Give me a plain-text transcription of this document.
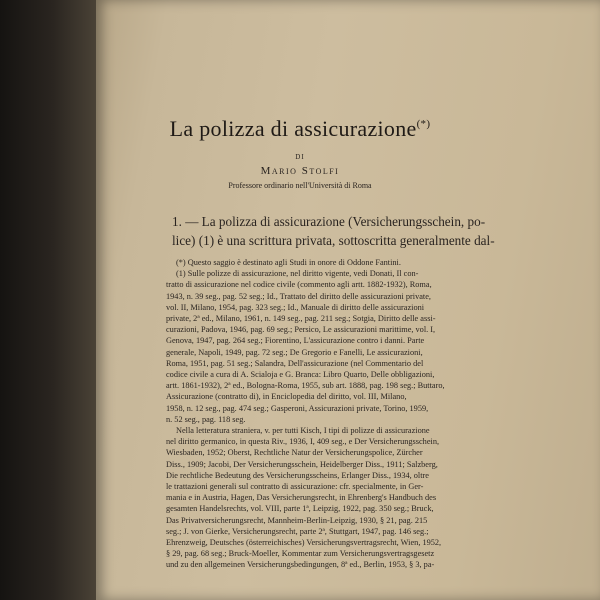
La polizza di assicurazione(*)
DI
Mario Stolfi
Professore ordinario nell'Università di Roma
1. — La polizza di assicurazione (Versicherungsschein, po-
lice) (1) è una scrittura privata, sottoscritta generalmente dal-
(*) Questo saggio è destinato agli Studi in onore di Oddone Fantini.
(1) Sulle polizze di assicurazione, nel diritto vigente, vedi Donati, Il con-
tratto di assicurazione nel codice civile (commento agli artt. 1882-1932), Roma,
1943, n. 39 seg., pag. 52 seg.; Id., Trattato del diritto delle assicurazioni private,
vol. II, Milano, 1954, pag. 323 seg.; Id., Manuale di diritto delle assicurazioni
private, 2ª ed., Milano, 1961, n. 149 seg., pag. 211 seg.; Sotgia, Diritto delle assi-
curazioni, Padova, 1946, pag. 69 seg.; Persico, Le assicurazioni marittime, vol. I,
Genova, 1947, pag. 264 seg.; Fiorentino, L'assicurazione contro i danni. Parte
generale, Napoli, 1949, pag. 72 seg.; De Gregorio e Fanelli, Le assicurazioni,
Roma, 1951, pag. 51 seg.; Salandra, Dell'assicurazione (nel Commentario del
codice civile a cura di A. Scialoja e G. Branca: Libro Quarto, Delle obbligazioni,
artt. 1861-1932), 2ª ed., Bologna-Roma, 1955, sub art. 1888, pag. 198 seg.; Buttaro,
Assicurazione (contratto di), in Enciclopedia del diritto, vol. III, Milano,
1958, n. 12 seg., pag. 474 seg.; Gasperoni, Assicurazioni private, Torino, 1959,
n. 52 seg., pag. 118 seg.
Nella letteratura straniera, v. per tutti Kisch, I tipi di polizze di assicurazione
nel diritto germanico, in questa Riv., 1936, I, 409 seg., e Der Versicherungsschein,
Wiesbaden, 1952; Oberst, Rechtliche Natur der Versicherungspolice, Zürcher
Diss., 1909; Jacobi, Der Versicherungsschein, Heidelberger Diss., 1911; Salzberg,
Die rechtliche Bedeutung des Versicherungsscheins, Erlanger Diss., 1934, oltre
le trattazioni generali sul contratto di assicurazione: cfr. specialmente, in Ger-
mania e in Austria, Hagen, Das Versicherungsrecht, in Ehrenberg's Handbuch des
gesamten Handelsrechts, vol. VIII, parte 1ª, Leipzig, 1922, pag. 350 seg.; Bruck,
Das Privatversicherungsrecht, Mannheim-Berlin-Leipzig, 1930, § 21, pag. 215
seg.; J. von Gierke, Versicherungsrecht, parte 2ª, Stuttgart, 1947, pag. 146 seg.;
Ehrenzweig, Deutsches (österreichisches) Versicherungsvertragsrecht, Wien, 1952,
§ 29, pag. 68 seg.; Bruck-Moeller, Kommentar zum Versicherungsvertragsgesetz
und zu den allgemeinen Versicherungsbedingungen, 8ª ed., Berlin, 1953, § 3, pa-
